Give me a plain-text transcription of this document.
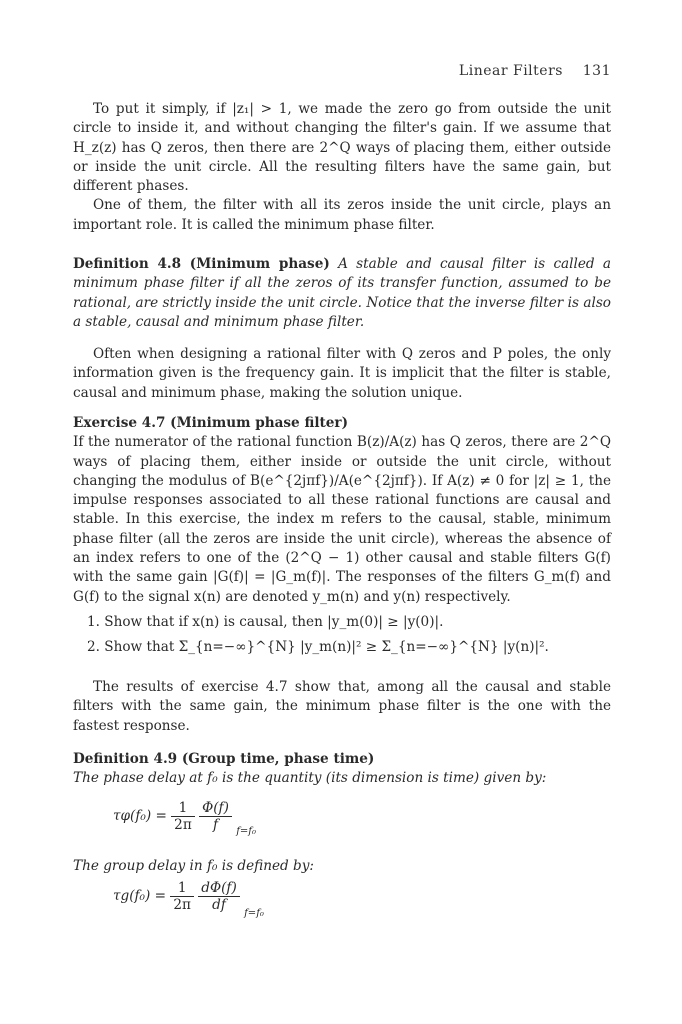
Linear Filters 131

To put it simply, if |z₁| > 1, we made the zero go from outside the unit circle to inside it, and without changing the filter's gain. If we assume that H_z(z) has Q zeros, then there are 2^Q ways of placing them, either outside or inside the unit circle. All the resulting filters have the same gain, but different phases.

One of them, the filter with all its zeros inside the unit circle, plays an important role. It is called the minimum phase filter.

Definition 4.8 (Minimum phase) A stable and causal filter is called a minimum phase filter if all the zeros of its transfer function, assumed to be rational, are strictly inside the unit circle. Notice that the inverse filter is also a stable, causal and minimum phase filter.

Often when designing a rational filter with Q zeros and P poles, the only information given is the frequency gain. It is implicit that the filter is stable, causal and minimum phase, making the solution unique.

Exercise 4.7 (Minimum phase filter)

If the numerator of the rational function B(z)/A(z) has Q zeros, there are 2^Q ways of placing them, either inside or outside the unit circle, without changing the modulus of B(e^{2jπf})/A(e^{2jπf}). If A(z) ≠ 0 for |z| ≥ 1, the impulse responses associated to all these rational functions are causal and stable. In this exercise, the index m refers to the causal, stable, minimum phase filter (all the zeros are inside the unit circle), whereas the absence of an index refers to one of the (2^Q − 1) other causal and stable filters G(f) with the same gain |G(f)| = |G_m(f)|. The responses of the filters G_m(f) and G(f) to the signal x(n) are denoted y_m(n) and y(n) respectively.

1. Show that if x(n) is causal, then |y_m(0)| ≥ |y(0)|.

2. Show that Σ_{n=−∞}^{N} |y_m(n)|² ≥ Σ_{n=−∞}^{N} |y(n)|².

The results of exercise 4.7 show that, among all the causal and stable filters with the same gain, the minimum phase filter is the one with the fastest response.

Definition 4.9 (Group time, phase time)

The phase delay at f₀ is the quantity (its dimension is time) given by:

$\tau\varphi(f_0) = \frac{1}{2\pi}$
$\frac{\Phi(f)}{f} _{f=f_0}$

The group delay in f₀ is defined by:

$\tau g(f_0) = \frac{1}{2\pi}$
$\frac{d\Phi(f)}{df}$
$_{f=f_0}$
